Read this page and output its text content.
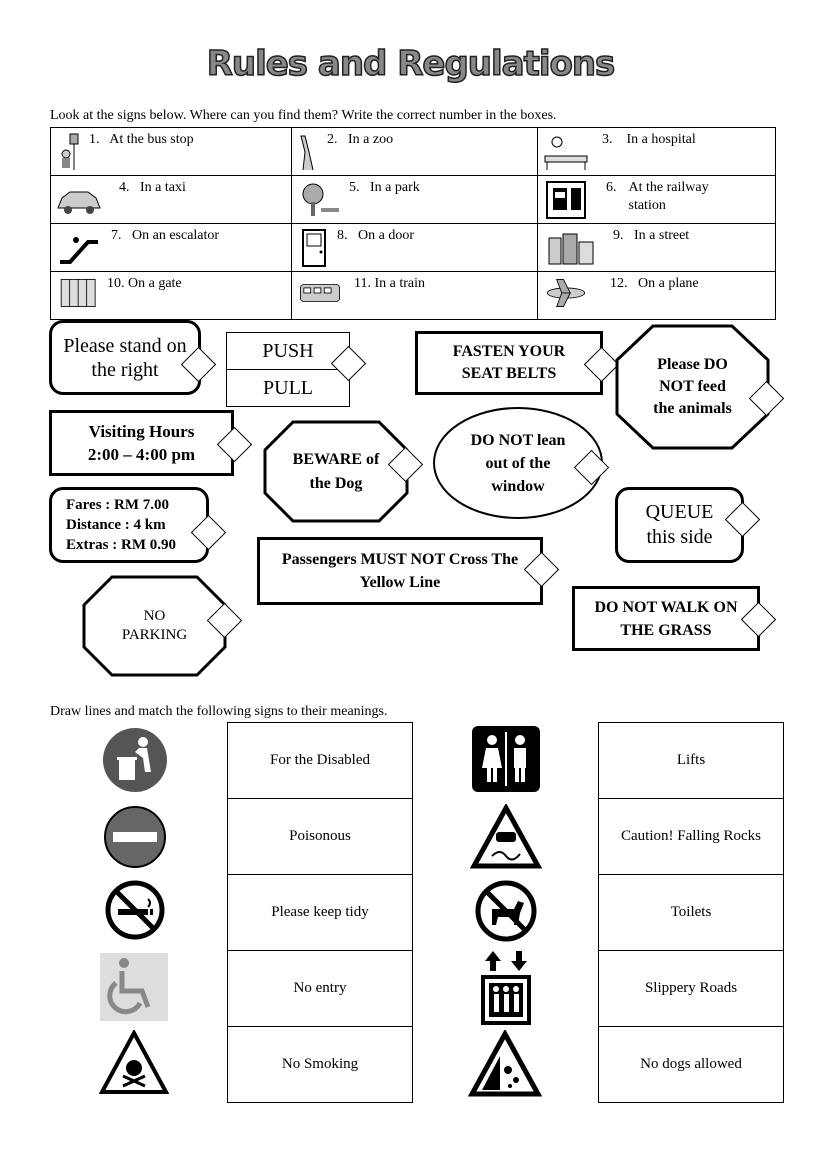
Rules and Regulations
Look at the signs below. Where can you find them? Write the correct number in the boxes.
1. At the bus stop	2. In a zoo	3. In a hospital

4. In a taxi	5. In a park	6. At the railway station

7. On an escalator	8. On a door	9. In a street

10. On a gate	11. In a train	12. On a plane
Please stand on the right
PUSH
PULL
FASTEN YOUR SEAT BELTS
Please DO NOT feed the animals
Visiting Hours
2:00 – 4:00 pm	BEWARE of the Dog
DO NOT lean out of the window
Fares : RM 7.00
Distance : 4 km
Extras : RM 0.90
QUEUE this side
Passengers MUST NOT Cross The Yellow Line
NO PARKING
DO NOT WALK ON THE GRASS
Draw lines and match the following signs to their meanings.
For the Disabled
Poisonous
Please keep tidy
No entry
No Smoking
Lifts
Caution! Falling Rocks
Toilets
Slippery Roads
No dogs allowed
